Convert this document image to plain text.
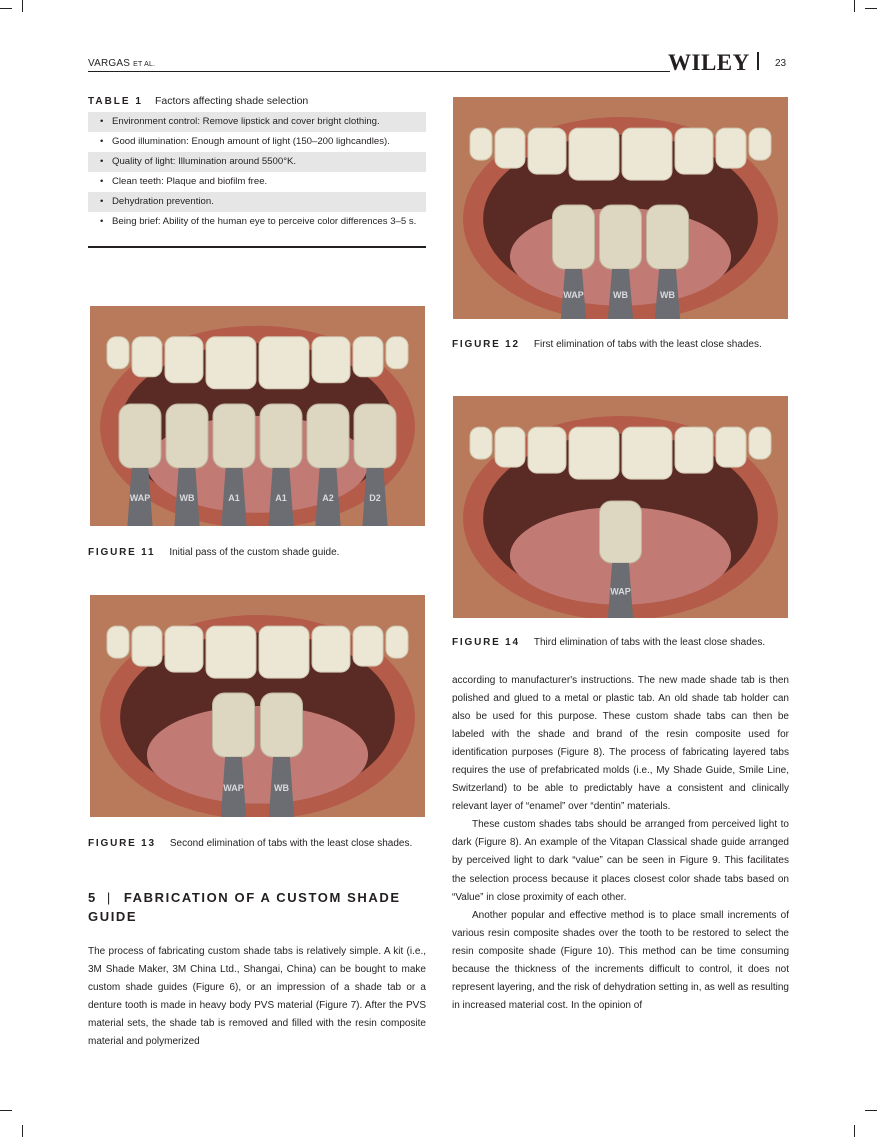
VARGAS ET AL.	WILEY	23
TABLE 1 Factors affecting shade selection
• Environment control: Remove lipstick and cover bright clothing.
• Good illumination: Enough amount of light (150–200 lighcandles).
• Quality of light: Illumination around 5500°K.
• Clean teeth: Plaque and biofilm free.
• Dehydration prevention.
• Being brief: Ability of the human eye to perceive color differences 3–5 s.
WAP	WB	A1	A1	A2	D2
FIGURE 11 Initial pass of the custom shade guide.
WAP	WB
FIGURE 13 Second elimination of tabs with the least close shades.
5 | FABRICATION OF A CUSTOM SHADE GUIDE

The process of fabricating custom shade tabs is relatively simple. A kit (i.e., 3M Shade Maker, 3M China Ltd., Shangai, China) can be bought to make custom shade guides (Figure 6), or an impression of a shade tab or a denture tooth is made in heavy body PVS material (Figure 7). After the PVS material sets, the shade tab is removed and filled with the resin composite material and polymerized

WAP	WB	WB
FIGURE 12 First elimination of tabs with the least close shades.
WAP
FIGURE 14 Third elimination of tabs with the least close shades.

according to manufacturer's instructions. The new made shade tab is then polished and glued to a metal or plastic tab. An old shade tab holder can also be used for this purpose. These custom shade tabs can then be labeled with the shade and brand of the resin composite used for identification purposes (Figure 8). The process of fabricating layered tabs requires the use of prefabricated molds (i.e., My Shade Guide, Smile Line, Switzerland) to be able to predictably have a consistent and clinically relevant layer of “enamel” over “dentin” materials.

These custom shades tabs should be arranged from perceived light to dark (Figure 8). An example of the Vitapan Classical shade guide arranged by perceived light to dark “value” can be seen in Figure 9. This facilitates the selection process because it places closest color shade tabs based on “Value” in close proximity of each other.

Another popular and effective method is to place small increments of various resin composite shades over the tooth to be restored to select the resin composite shade (Figure 10). This method can be time consuming because the thickness of the increments difficult to control, it does not represent layering, and the risk of dehydration setting in, as well as resulting in increased material cost. In the opinion of
